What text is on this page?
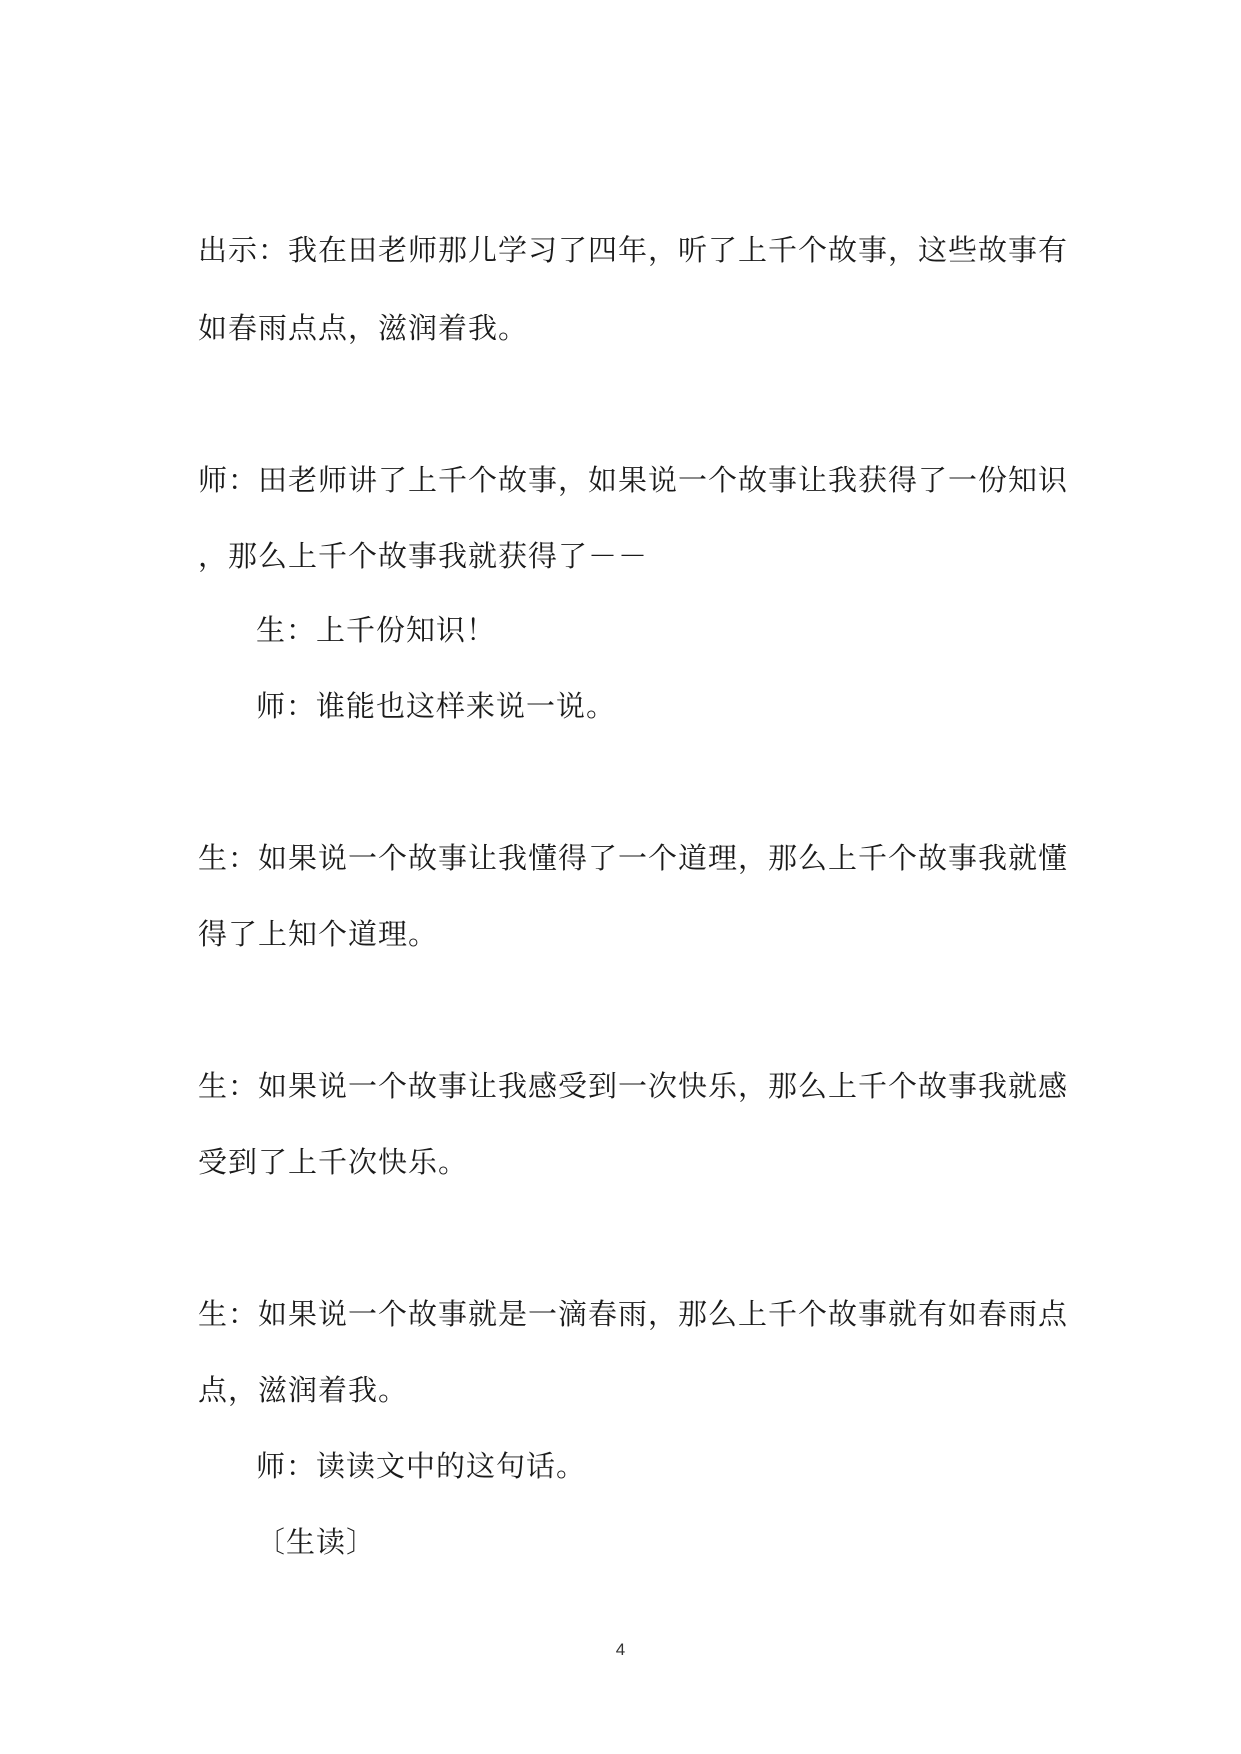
出示：我在田老师那儿学习了四年，听了上千个故事，这些故事有
如春雨点点，滋润着我。
师：田老师讲了上千个故事，如果说一个故事让我获得了一份知识
，那么上千个故事我就获得了－－
生：上千份知识！
师：谁能也这样来说一说。
生：如果说一个故事让我懂得了一个道理，那么上千个故事我就懂
得了上知个道理。
生：如果说一个故事让我感受到一次快乐，那么上千个故事我就感
受到了上千次快乐。
生：如果说一个故事就是一滴春雨，那么上千个故事就有如春雨点
点，滋润着我。
师：读读文中的这句话。
〔生读〕
4
